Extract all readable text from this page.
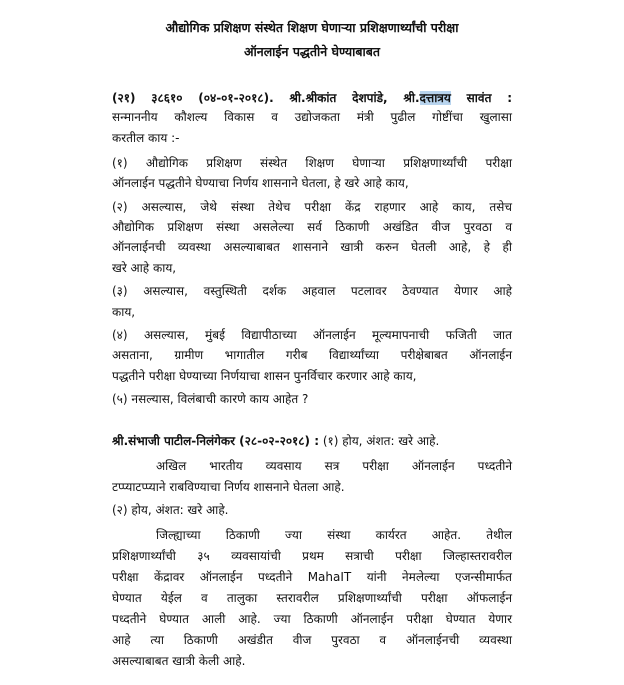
औद्योगिक प्रशिक्षण संस्थेत शिक्षण घेणाऱ्या प्रशिक्षणार्थ्यांची परीक्षा
ऑनलाईन पद्धतीने घेण्याबाबत
(२१) ३८६१० (०४-०१-२०१८). श्री.श्रीकांत देशपांडे, श्री.दत्तात्रय सावंत :
सन्माननीय कौशल्य विकास व उद्योजकता मंत्री पुढील गोष्टींचा खुलासा
करतील काय :-
(१) औद्योगिक प्रशिक्षण संस्थेत शिक्षण घेणाऱ्या प्रशिक्षणार्थ्यांची परीक्षा
ऑनलाईन पद्धतीने घेण्याचा निर्णय शासनाने घेतला, हे खरे आहे काय,
(२) असल्यास, जेथे संस्था तेथेच परीक्षा केंद्र राहणार आहे काय, तसेच
औद्योगिक प्रशिक्षण संस्था असलेल्या सर्व ठिकाणी अखंडित वीज पुरवठा व
ऑनलाईनची व्यवस्था असल्याबाबत शासनाने खात्री करुन घेतली आहे, हे ही
खरे आहे काय,
(३) असल्यास, वस्तुस्थिती दर्शक अहवाल पटलावर ठेवण्यात येणार आहे
काय,
(४) असल्यास, मुंबई विद्यापीठाच्या ऑनलाईन मूल्यमापनाची फजिती जात
असताना, ग्रामीण भागातील गरीब विद्यार्थ्यांच्या परीक्षेबाबत ऑनलाईन
पद्धतीने परीक्षा घेण्याच्या निर्णयाचा शासन पुनर्विचार करणार आहे काय,
(५) नसल्यास, विलंबाची कारणे काय आहेत ?
श्री.संभाजी पाटील-निलंगेकर (२८-०२-२०१८) : (१) होय, अंशत: खरे आहे.
अखिल भारतीय व्यवसाय सत्र परीक्षा ऑनलाईन पध्दतीने
टप्प्याटप्प्याने राबविण्याचा निर्णय शासनाने घेतला आहे.
(२) होय, अंशत: खरे आहे.
जिल्ह्याच्या ठिकाणी ज्या संस्था कार्यरत आहेत. तेथील
प्रशिक्षणार्थ्यांची ३५ व्यवसायांची प्रथम सत्राची परीक्षा जिल्हास्तरावरील
परीक्षा केंद्रावर ऑनलाईन पध्दतीने MahaIT यांनी नेमलेल्या एजन्सीमार्फत
घेण्यात येईल व तालुका स्तरावरील प्रशिक्षणार्थ्यांची परीक्षा ऑफलाईन
पध्दतीने घेण्यात आली आहे. ज्या ठिकाणी ऑनलाईन परीक्षा घेण्यात येणार
आहे त्या ठिकाणी अखंडीत वीज पुरवठा व ऑनलाईनची व्यवस्था
असल्याबाबत खात्री केली आहे.
